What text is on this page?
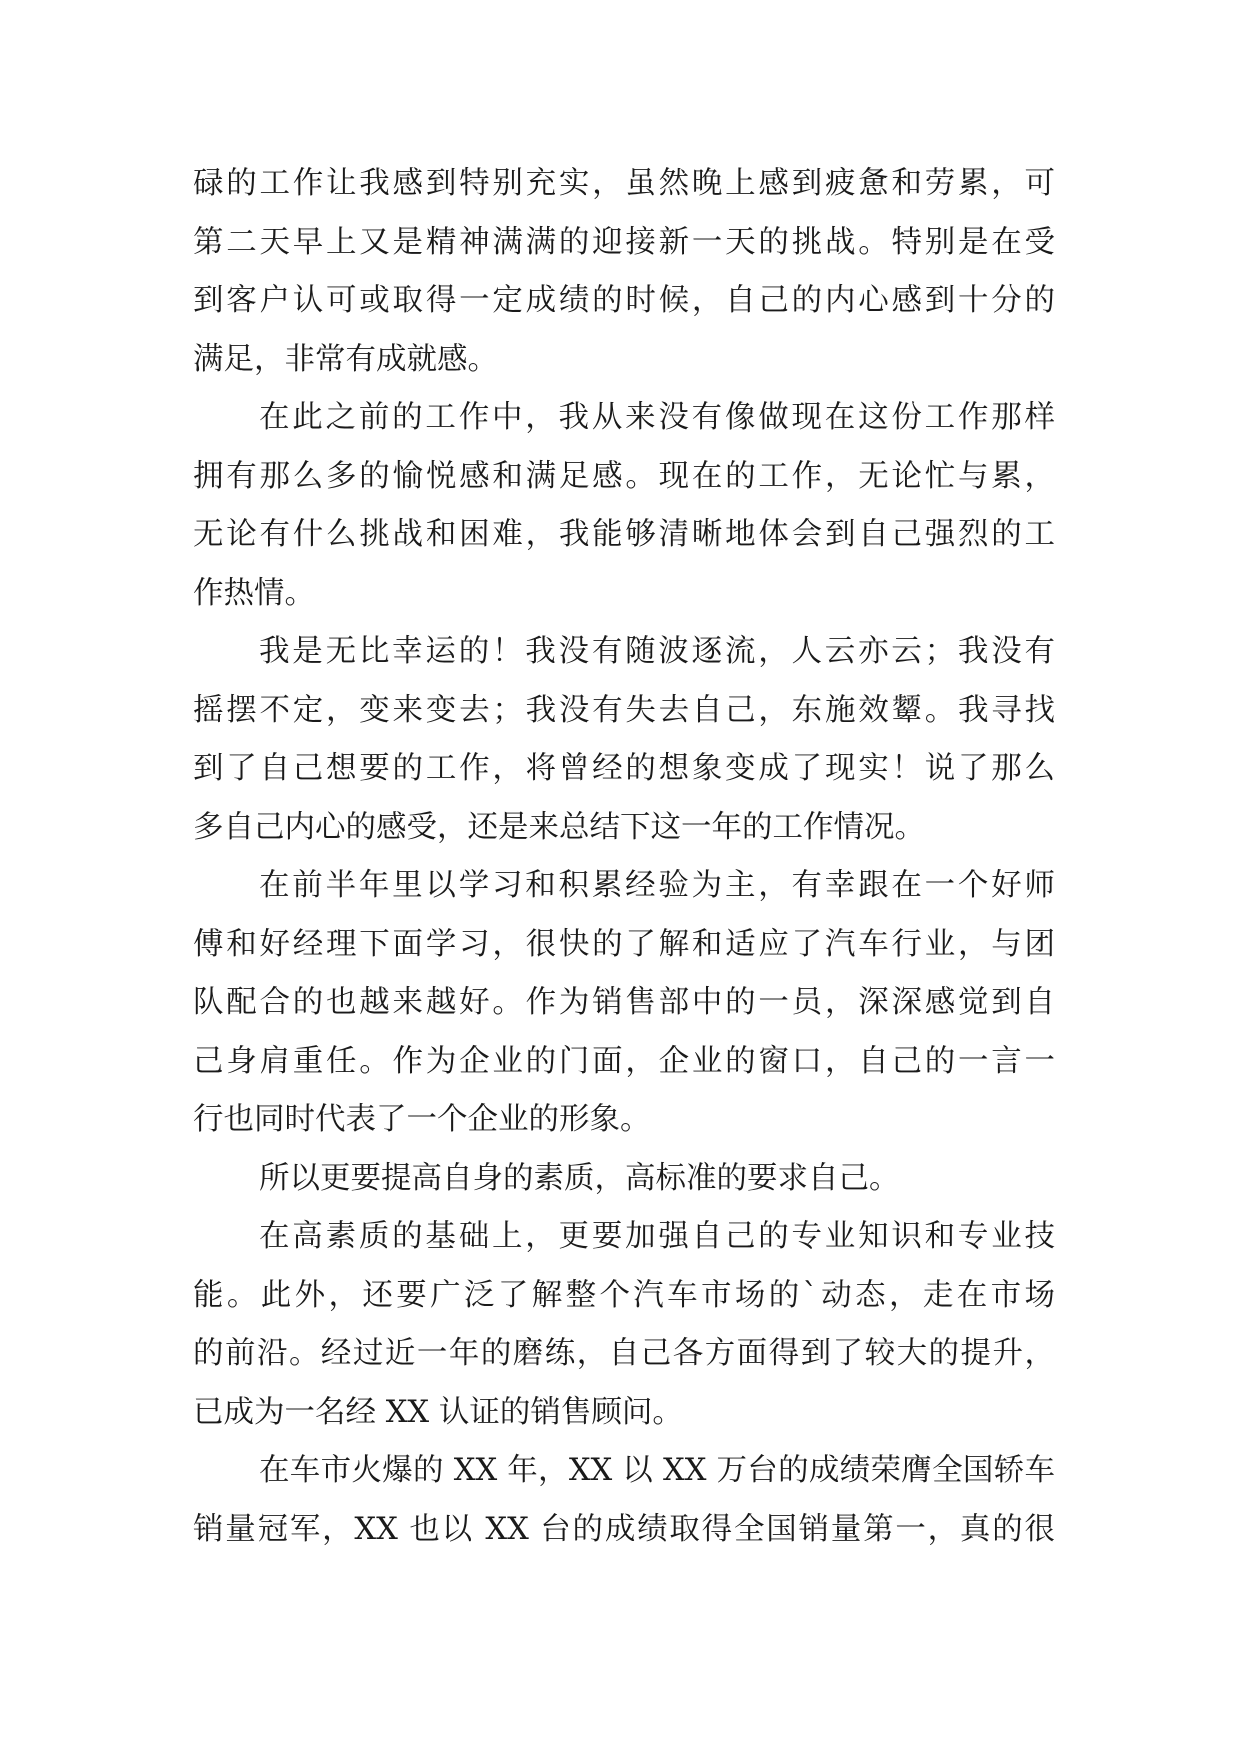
碌的工作让我感到特别充实，虽然晚上感到疲惫和劳累，可
第二天早上又是精神满满的迎接新一天的挑战。特别是在受
到客户认可或取得一定成绩的时候，自己的内心感到十分的
满足，非常有成就感。
在此之前的工作中，我从来没有像做现在这份工作那样
拥有那么多的愉悦感和满足感。现在的工作，无论忙与累，
无论有什么挑战和困难，我能够清晰地体会到自己强烈的工
作热情。
我是无比幸运的！我没有随波逐流，人云亦云；我没有
摇摆不定，变来变去；我没有失去自己，东施效颦。我寻找
到了自己想要的工作，将曾经的想象变成了现实！说了那么
多自己内心的感受，还是来总结下这一年的工作情况。
在前半年里以学习和积累经验为主，有幸跟在一个好师
傅和好经理下面学习，很快的了解和适应了汽车行业，与团
队配合的也越来越好。作为销售部中的一员，深深感觉到自
己身肩重任。作为企业的门面，企业的窗口，自己的一言一
行也同时代表了一个企业的形象。
所以更要提高自身的素质，高标准的要求自己。
在高素质的基础上，更要加强自己的专业知识和专业技
能。此外，还要广泛了解整个汽车市场的`动态，走在市场
的前沿。经过近一年的磨练，自己各方面得到了较大的提升，
已成为一名经 XX 认证的销售顾问。
在车市火爆的 XX 年，XX 以 XX 万台的成绩荣膺全国轿车
销量冠军，XX 也以 XX 台的成绩取得全国销量第一，真的很
